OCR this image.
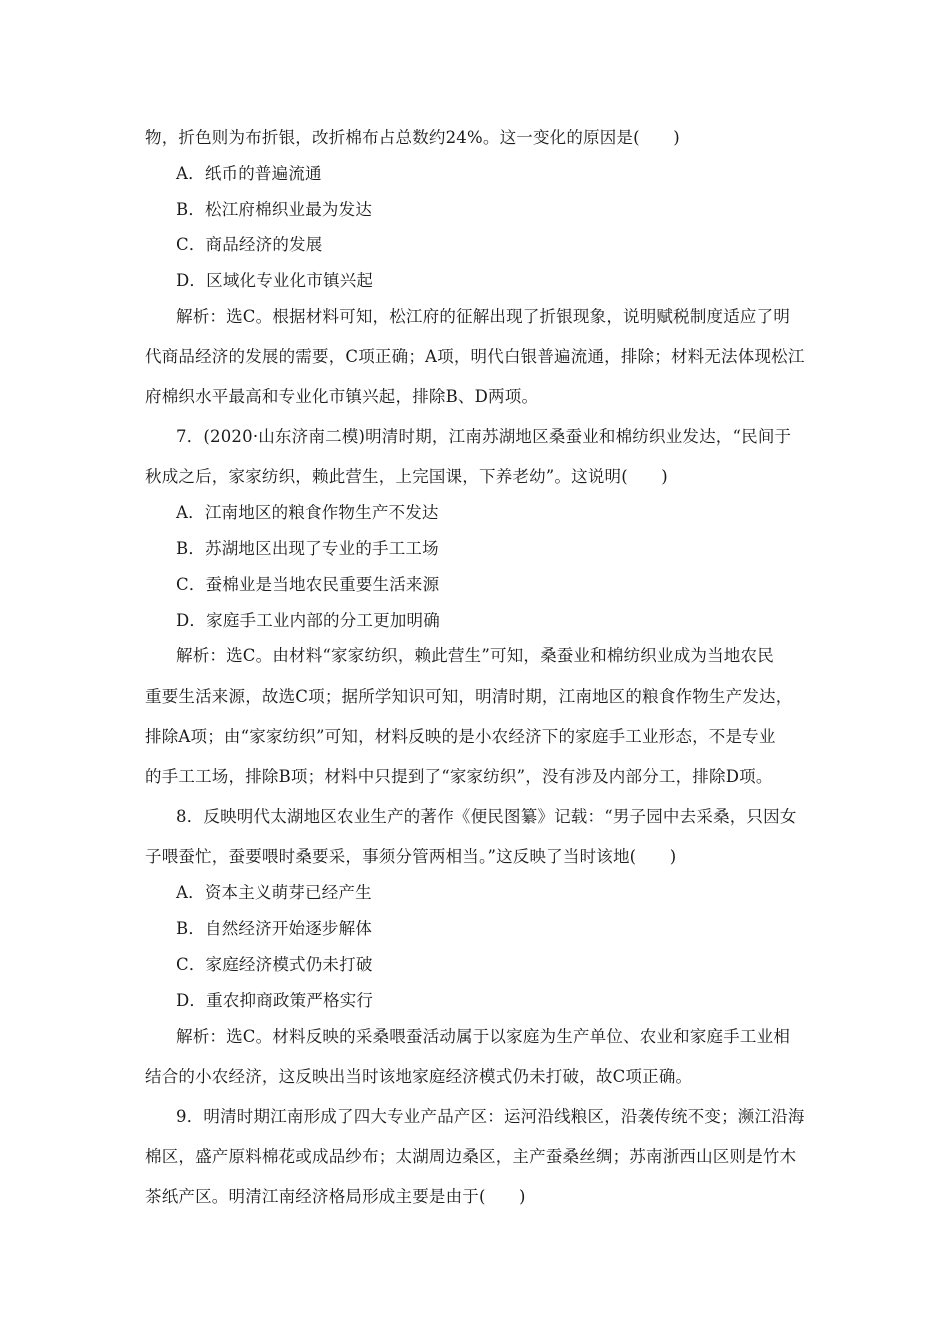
物，折色则为布折银，改折棉布占总数约24%。这一变化的原因是(　　)
A．纸币的普遍流通
B．松江府棉织业最为发达
C．商品经济的发展
D．区域化专业化市镇兴起
解析：选C。根据材料可知，松江府的征解出现了折银现象，说明赋税制度适应了明
代商品经济的发展的需要，C项正确；A项，明代白银普遍流通，排除；材料无法体现松江
府棉织水平最高和专业化市镇兴起，排除B、D两项。
7．(2020·山东济南二模)明清时期，江南苏湖地区桑蚕业和棉纺织业发达，“民间于
秋成之后，家家纺织，赖此营生，上完国课，下养老幼”。这说明(　　)
A．江南地区的粮食作物生产不发达
B．苏湖地区出现了专业的手工工场
C．蚕棉业是当地农民重要生活来源
D．家庭手工业内部的分工更加明确
解析：选C。由材料“家家纺织，赖此营生”可知，桑蚕业和棉纺织业成为当地农民
重要生活来源，故选C项；据所学知识可知，明清时期，江南地区的粮食作物生产发达，
排除A项；由“家家纺织”可知，材料反映的是小农经济下的家庭手工业形态，不是专业
的手工工场，排除B项；材料中只提到了“家家纺织”，没有涉及内部分工，排除D项。
8．反映明代太湖地区农业生产的著作《便民图纂》记载：“男子园中去采桑，只因女
子喂蚕忙，蚕要喂时桑要采，事须分管两相当。”这反映了当时该地(　　)
A．资本主义萌芽已经产生
B．自然经济开始逐步解体
C．家庭经济模式仍未打破
D．重农抑商政策严格实行
解析：选C。材料反映的采桑喂蚕活动属于以家庭为生产单位、农业和家庭手工业相
结合的小农经济，这反映出当时该地家庭经济模式仍未打破，故C项正确。
9．明清时期江南形成了四大专业产品产区：运河沿线粮区，沿袭传统不变；濒江沿海
棉区，盛产原料棉花或成品纱布；太湖周边桑区，主产蚕桑丝绸；苏南浙西山区则是竹木
茶纸产区。明清江南经济格局形成主要是由于(　　)
